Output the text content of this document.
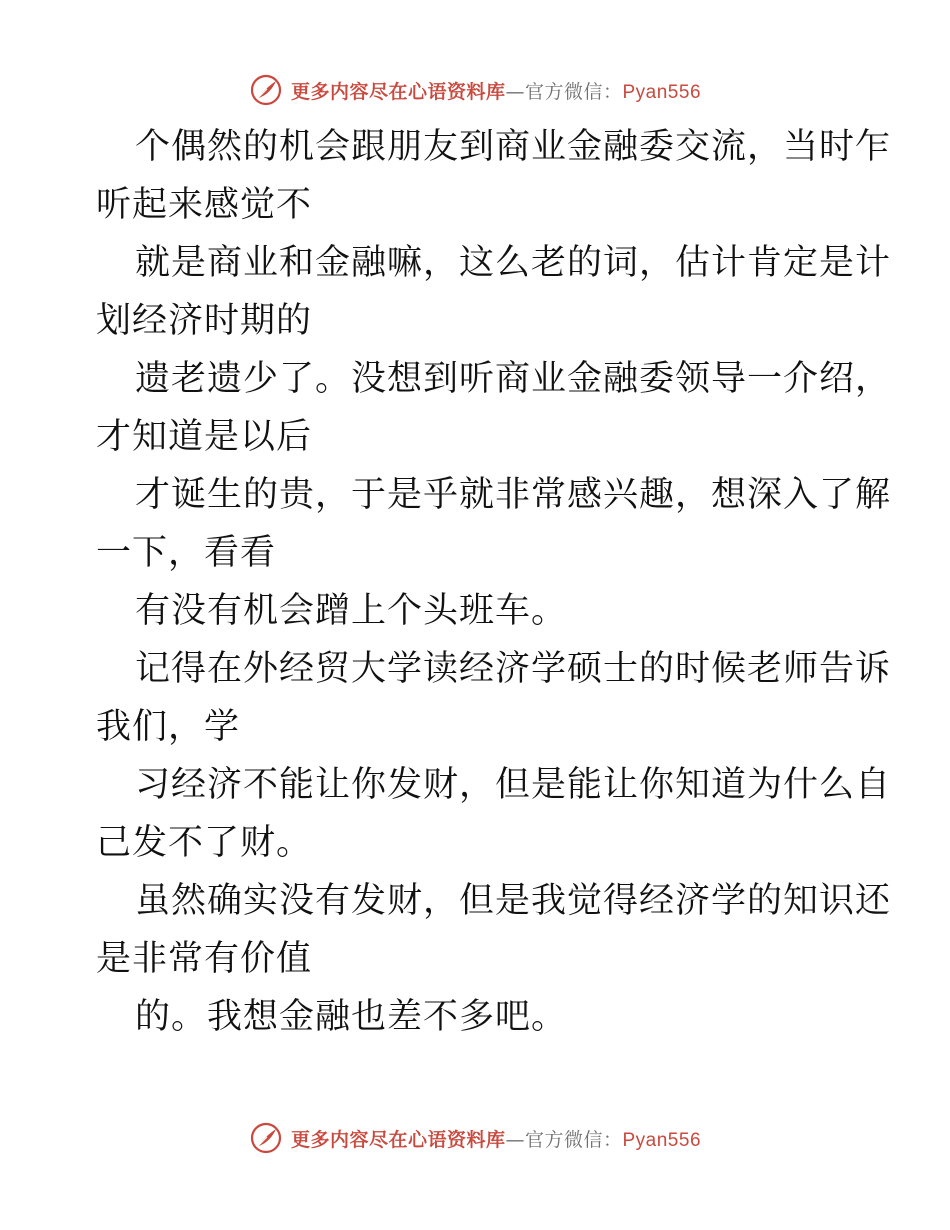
更多内容尽在心语资料库—官方微信：Pyan556
个偶然的机会跟朋友到商业金融委交流，当时乍
听起来感觉不
就是商业和金融嘛，这么老的词，估计肯定是计
划经济时期的
遗老遗少了。没想到听商业金融委领导一介绍，
才知道是以后
才诞生的贵，于是乎就非常感兴趣，想深入了解
一下，看看
有没有机会蹭上个头班车。
记得在外经贸大学读经济学硕士的时候老师告诉
我们，学
习经济不能让你发财，但是能让你知道为什么自
己发不了财。
虽然确实没有发财，但是我觉得经济学的知识还
是非常有价值
的。我想金融也差不多吧。
更多内容尽在心语资料库—官方微信：Pyan556
